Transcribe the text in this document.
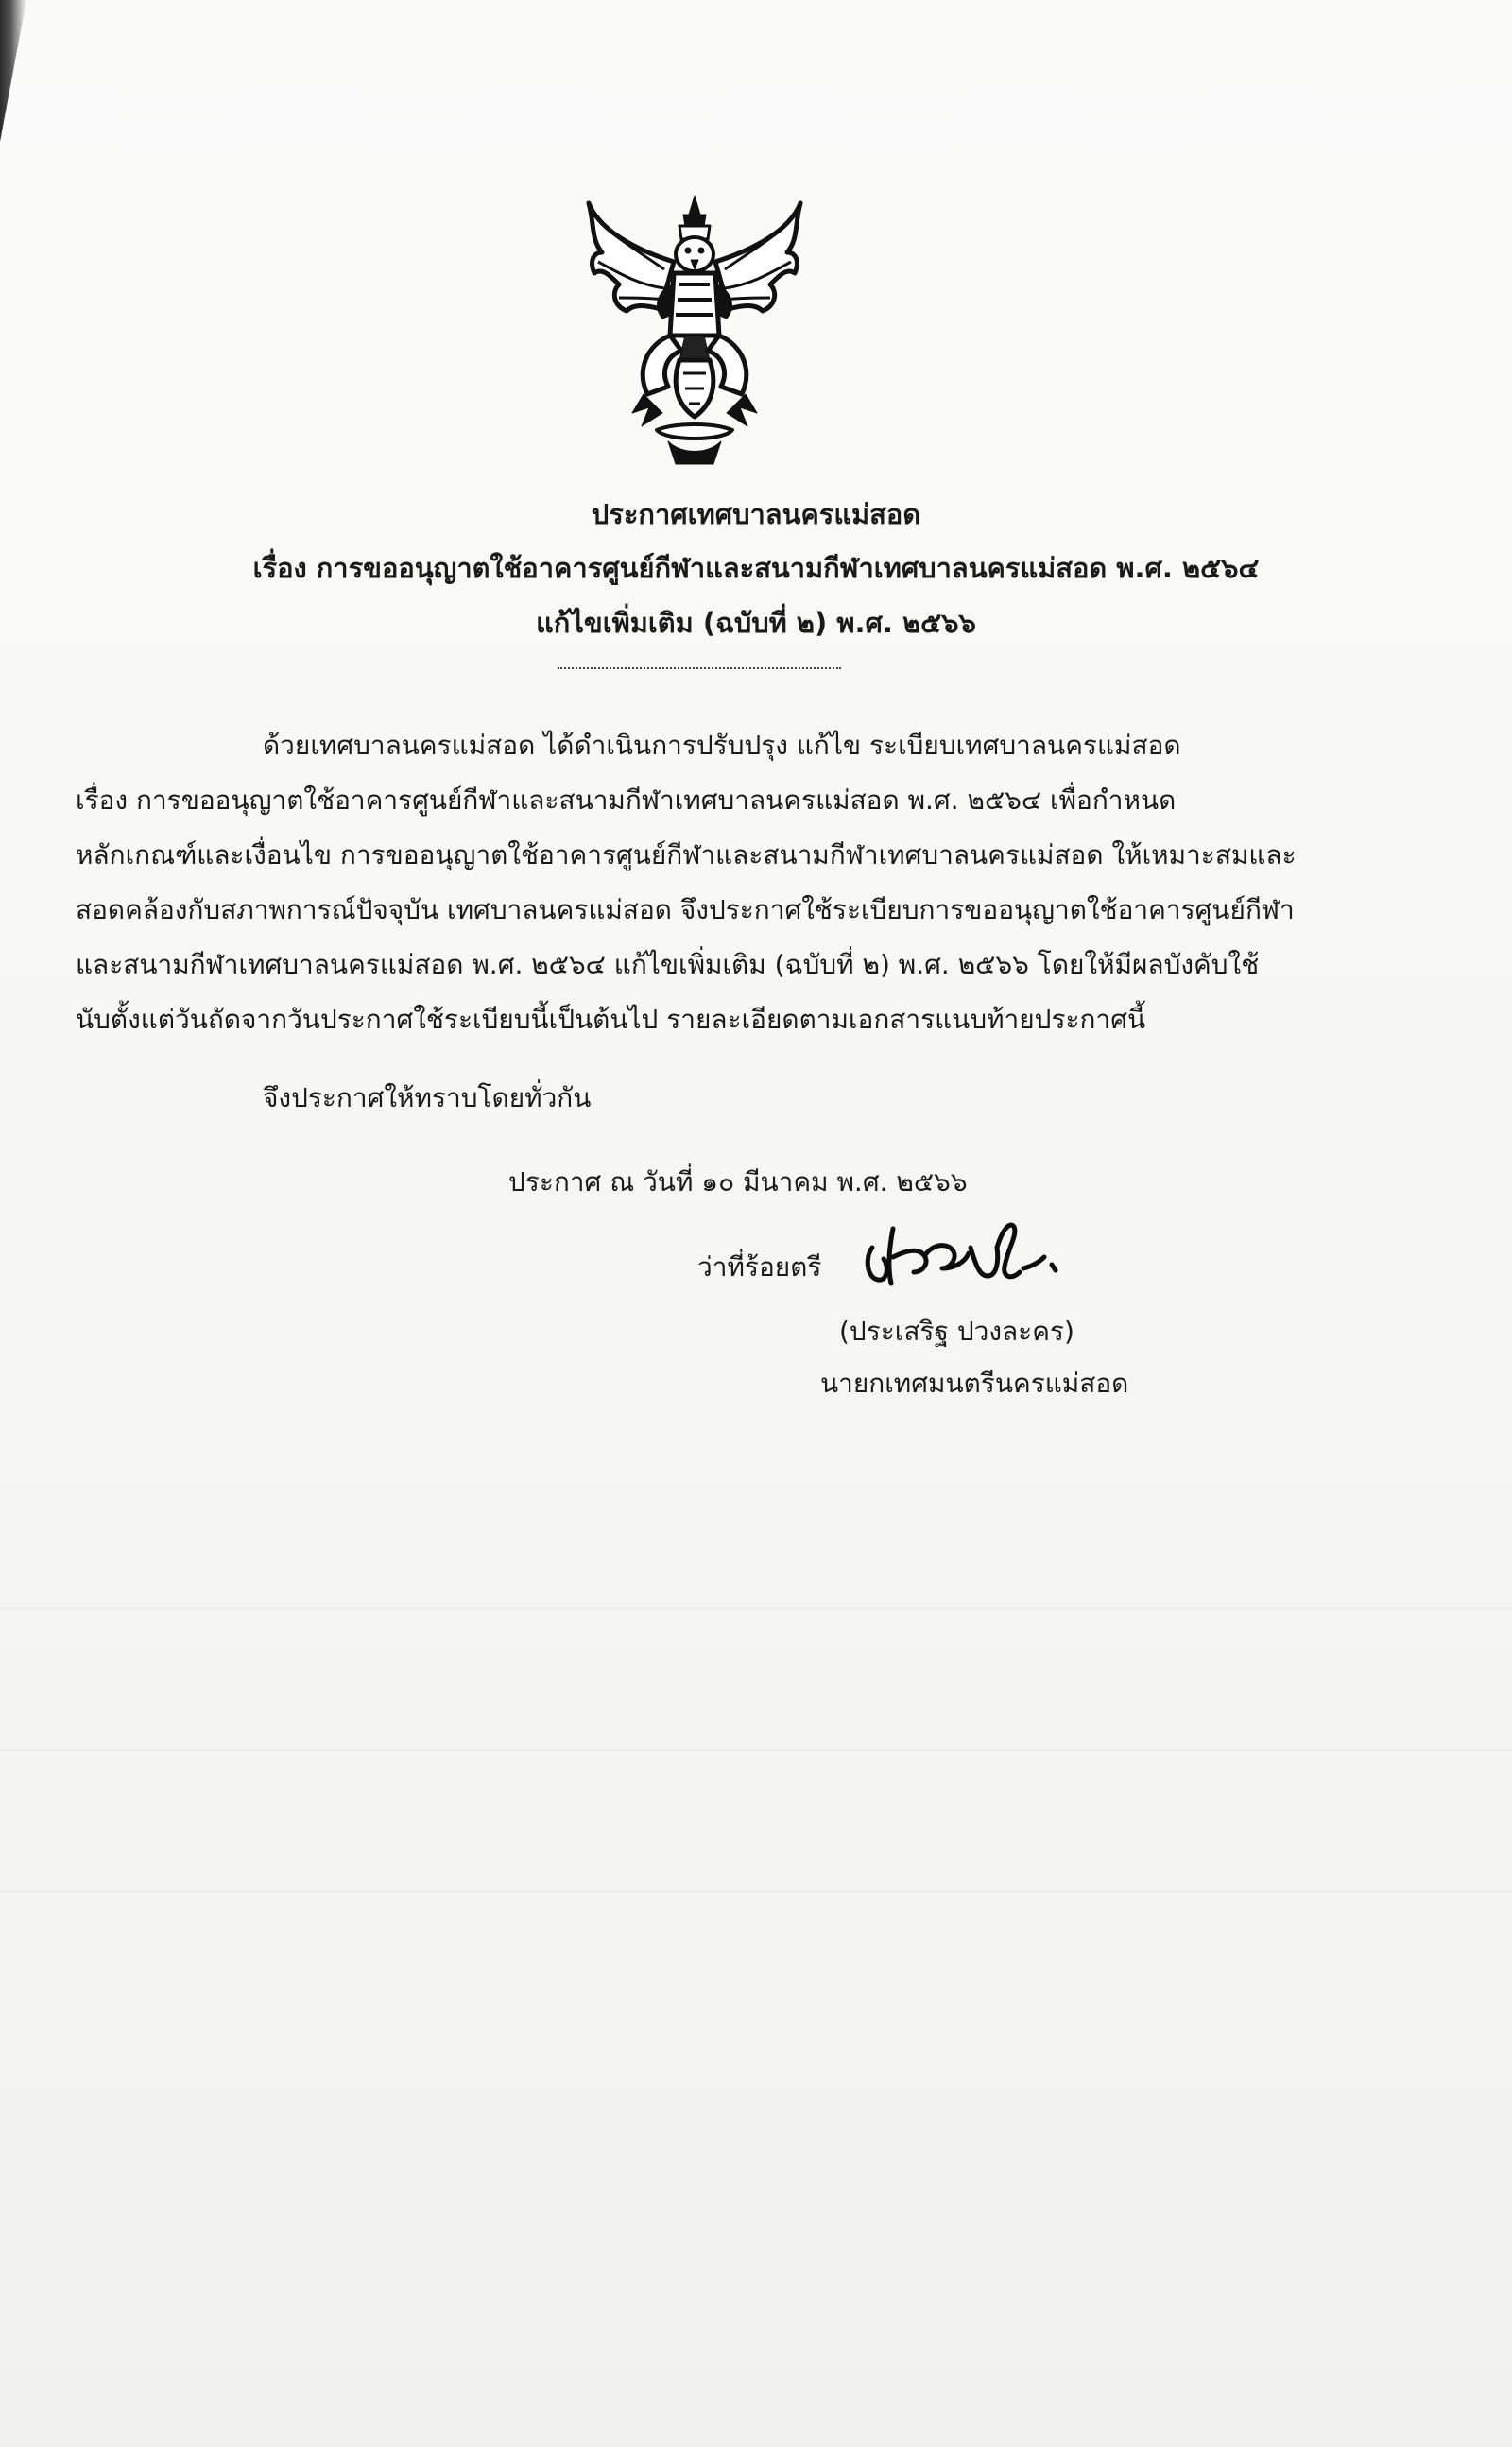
ประกาศเทศบาลนครแม่สอด
เรื่อง การขออนุญาตใช้อาคารศูนย์กีฬาและสนามกีฬาเทศบาลนครแม่สอด พ.ศ. ๒๕๖๔
แก้ไขเพิ่มเติม (ฉบับที่ ๒) พ.ศ. ๒๕๖๖
ด้วยเทศบาลนครแม่สอด ได้ดำเนินการปรับปรุง แก้ไข ระเบียบเทศบาลนครแม่สอด
เรื่อง การขออนุญาตใช้อาคารศูนย์กีฬาและสนามกีฬาเทศบาลนครแม่สอด พ.ศ. ๒๕๖๔ เพื่อกำหนด
หลักเกณฑ์และเงื่อนไข การขออนุญาตใช้อาคารศูนย์กีฬาและสนามกีฬาเทศบาลนครแม่สอด ให้เหมาะสมและ
สอดคล้องกับสภาพการณ์ปัจจุบัน เทศบาลนครแม่สอด จึงประกาศใช้ระเบียบการขออนุญาตใช้อาคารศูนย์กีฬา
และสนามกีฬาเทศบาลนครแม่สอด พ.ศ. ๒๕๖๔ แก้ไขเพิ่มเติม (ฉบับที่ ๒) พ.ศ. ๒๕๖๖ โดยให้มีผลบังคับใช้
นับตั้งแต่วันถัดจากวันประกาศใช้ระเบียบนี้เป็นต้นไป รายละเอียดตามเอกสารแนบท้ายประกาศนี้
จึงประกาศให้ทราบโดยทั่วกัน
ประกาศ ณ วันที่ ๑๐ มีนาคม พ.ศ. ๒๕๖๖
ว่าที่ร้อยตรี
(ประเสริฐ ปวงละคร)
นายกเทศมนตรีนครแม่สอด
